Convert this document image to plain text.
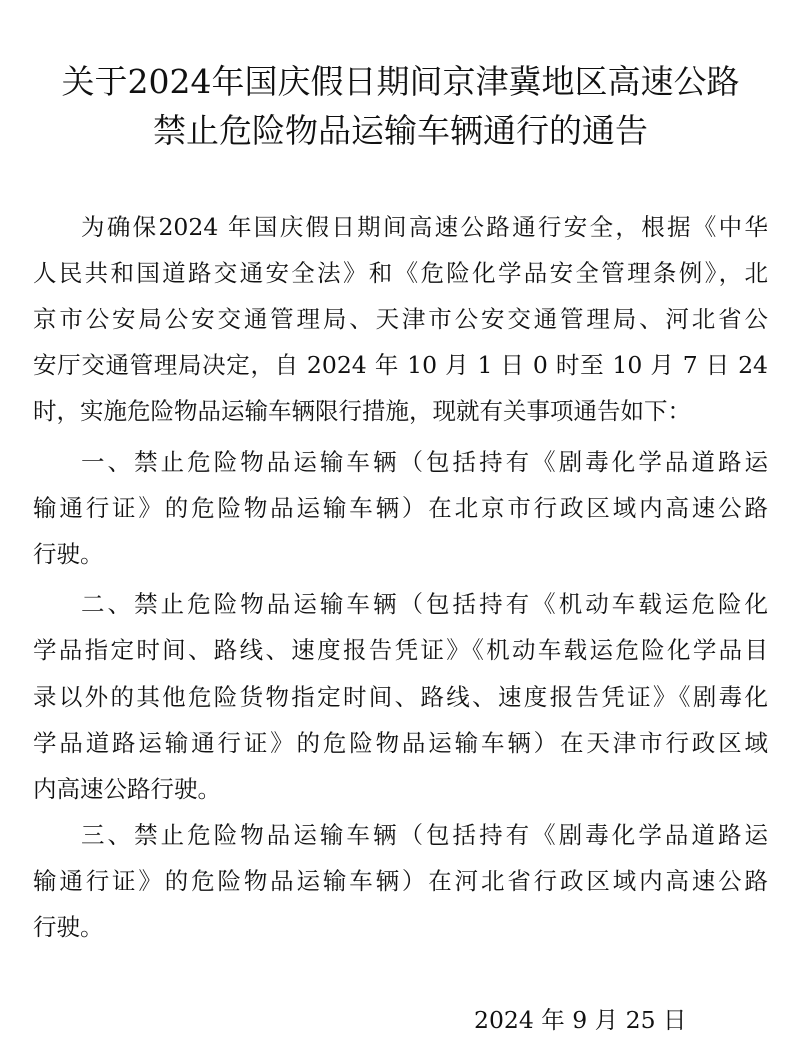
关于2024年国庆假日期间京津冀地区高速公路
禁止危险物品运输车辆通行的通告
为确保2024 年国庆假日期间高速公路通行安全，根据《中华
人民共和国道路交通安全法》和《危险化学品安全管理条例》，北
京市公安局公安交通管理局、天津市公安交通管理局、河北省公
安厅交通管理局决定，自 2024 年 10 月 1 日 0 时至 10 月 7 日 24
时，实施危险物品运输车辆限行措施，现就有关事项通告如下：
一、禁止危险物品运输车辆（包括持有《剧毒化学品道路运
输通行证》的危险物品运输车辆）在北京市行政区域内高速公路
行驶。
二、禁止危险物品运输车辆（包括持有《机动车载运危险化
学品指定时间、路线、速度报告凭证》《机动车载运危险化学品目
录以外的其他危险货物指定时间、路线、速度报告凭证》《剧毒化
学品道路运输通行证》的危险物品运输车辆）在天津市行政区域
内高速公路行驶。
三、禁止危险物品运输车辆（包括持有《剧毒化学品道路运
输通行证》的危险物品运输车辆）在河北省行政区域内高速公路
行驶。
2024 年 9 月 25 日
